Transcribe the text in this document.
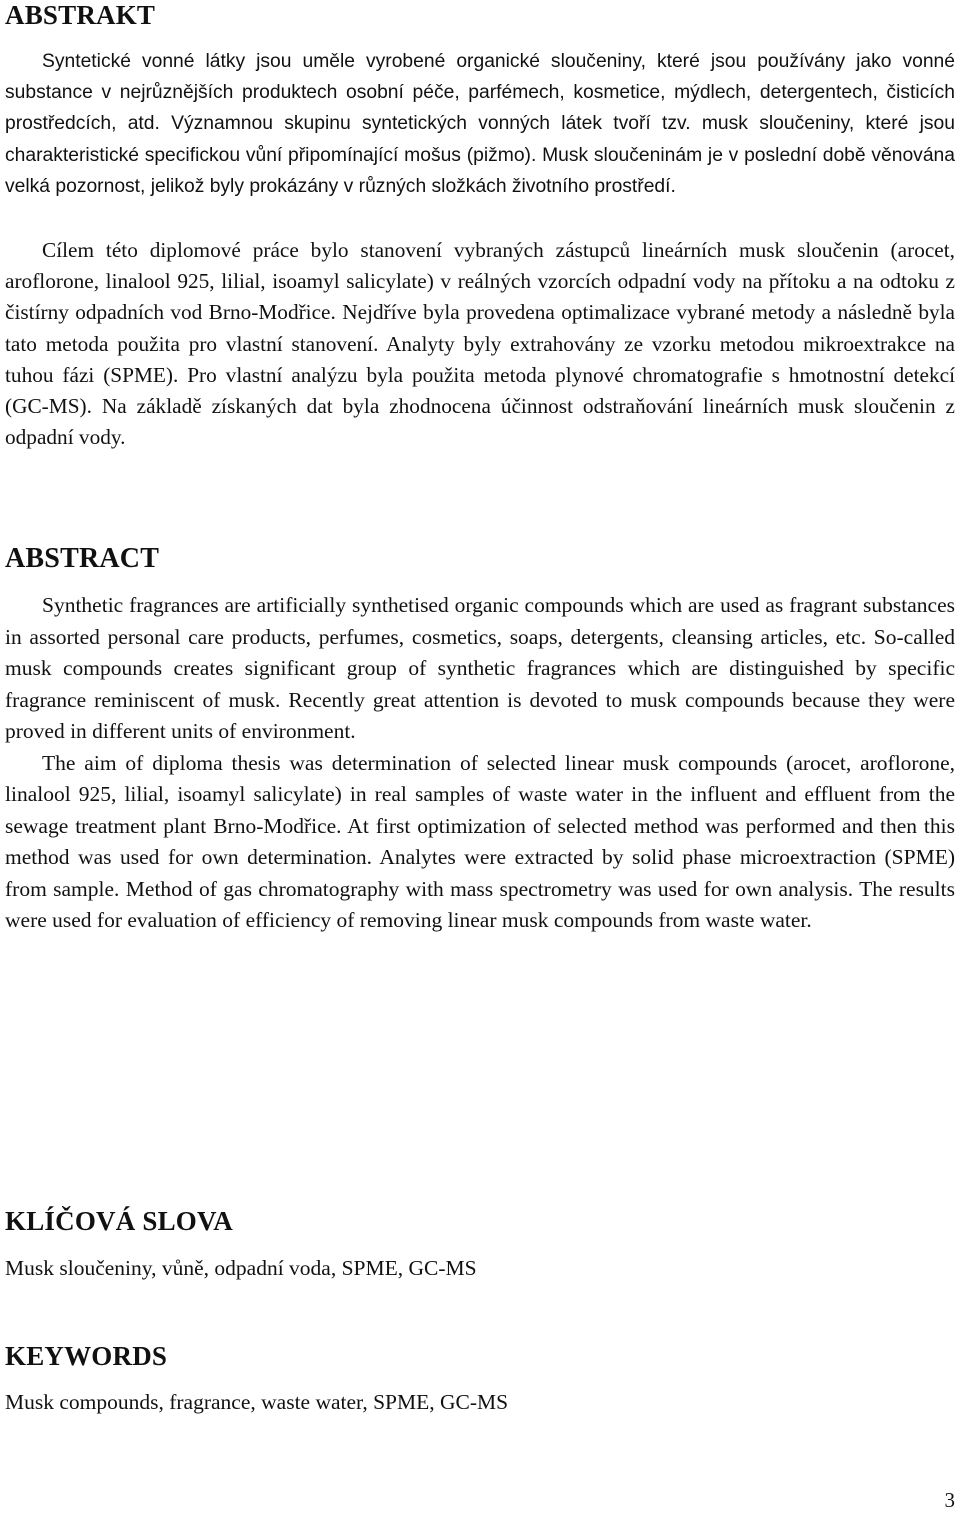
ABSTRAKT

Syntetické vonné látky jsou uměle vyrobené organické sloučeniny, které jsou používány jako vonné substance v nejrůznějších produktech osobní péče, parfémech, kosmetice, mýdlech, detergentech, čisticích prostředcích, atd. Významnou skupinu syntetických vonných látek tvoří tzv. musk sloučeniny, které jsou charakteristické specifickou vůní připomínající mošus (pižmo). Musk sloučeninám je v poslední době věnována velká pozornost, jelikož byly prokázány v různých složkách životního prostředí.

Cílem této diplomové práce bylo stanovení vybraných zástupců lineárních musk sloučenin (arocet, aroflorone, linalool 925, lilial, isoamyl salicylate) v reálných vzorcích odpadní vody na přítoku a na odtoku z čistírny odpadních vod Brno-Modřice. Nejdříve byla provedena optimalizace vybrané metody a následně byla tato metoda použita pro vlastní stanovení. Analyty byly extrahovány ze vzorku metodou mikroextrakce na tuhou fázi (SPME). Pro vlastní analýzu byla použita metoda plynové chromatografie s hmotnostní detekcí (GC-MS). Na základě získaných dat byla zhodnocena účinnost odstraňování lineárních musk sloučenin z odpadní vody.

ABSTRACT

Synthetic fragrances are artificially synthetised organic compounds which are used as fragrant substances in assorted personal care products, perfumes, cosmetics, soaps, detergents, cleansing articles, etc. So-called musk compounds creates significant group of synthetic fragrances which are distinguished by specific fragrance reminiscent of musk. Recently great attention is devoted to musk compounds because they were proved in different units of environment.

The aim of diploma thesis was determination of selected linear musk compounds (arocet, aroflorone, linalool 925, lilial, isoamyl salicylate) in real samples of waste water in the influent and effluent from the sewage treatment plant Brno-Modřice. At first optimization of selected method was performed and then this method was used for own determination. Analytes were extracted by solid phase microextraction (SPME) from sample. Method of gas chromatography with mass spectrometry was used for own analysis. The results were used for evaluation of efficiency of removing linear musk compounds from waste water.

KLÍČOVÁ SLOVA

Musk sloučeniny, vůně, odpadní voda, SPME, GC-MS

KEYWORDS

Musk compounds, fragrance, waste water, SPME, GC-MS

3
